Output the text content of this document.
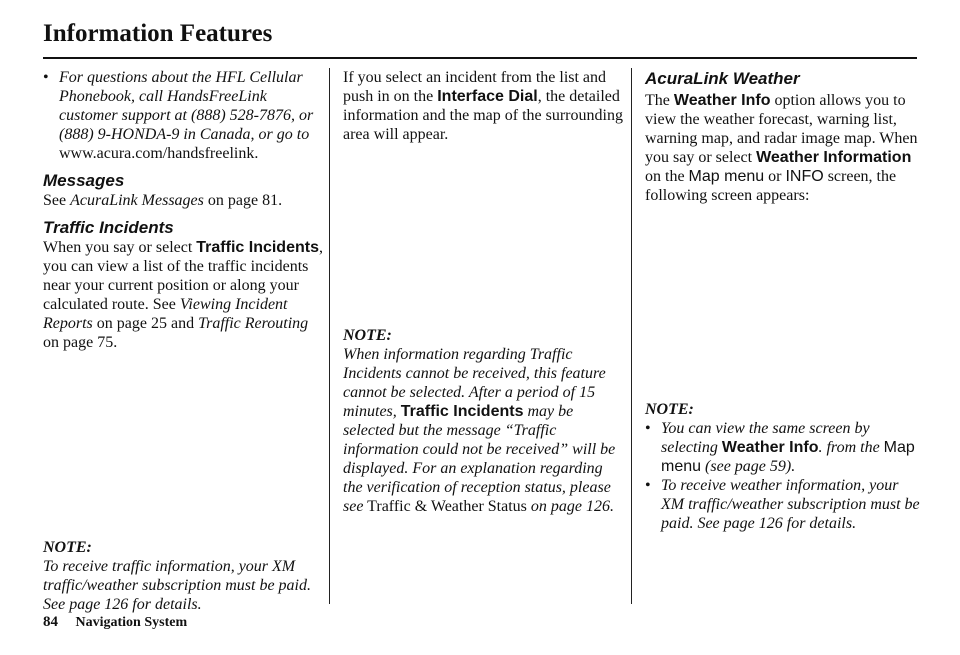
Information Features
• For questions about the HFL Cellular Phonebook, call HandsFreeLink customer support at (888) 528-7876, or (888) 9-HONDA-9 in Canada, or go to www.acura.com/handsfreelink.

Messages

See AcuraLink Messages on page 81.

Traffic Incidents

When you say or select Traffic Incidents, you can view a list of the traffic incidents near your current position or along your calculated route. See Viewing Incident Reports on page 25 and Traffic Rerouting on page 75.

NOTE:

To receive traffic information, your XM traffic/weather subscription must be paid. See page 126 for details.

If you select an incident from the list and push in on the Interface Dial, the detailed information and the map of the surrounding area will appear.

NOTE:

When information regarding Traffic Incidents cannot be received, this feature cannot be selected. After a period of 15 minutes, Traffic Incidents may be selected but the message “Traffic information could not be received” will be displayed. For an explanation regarding the verification of reception status, please see Traffic & Weather Status on page 126.

AcuraLink Weather

The Weather Info option allows you to view the weather forecast, warning list, warning map, and radar image map. When you say or select Weather Information on the Map menu or INFO screen, the following screen appears:

NOTE:

• You can view the same screen by selecting Weather Info. from the Map menu (see page 59).
• To receive weather information, your XM traffic/weather subscription must be paid. See page 126 for details.
84 Navigation System
